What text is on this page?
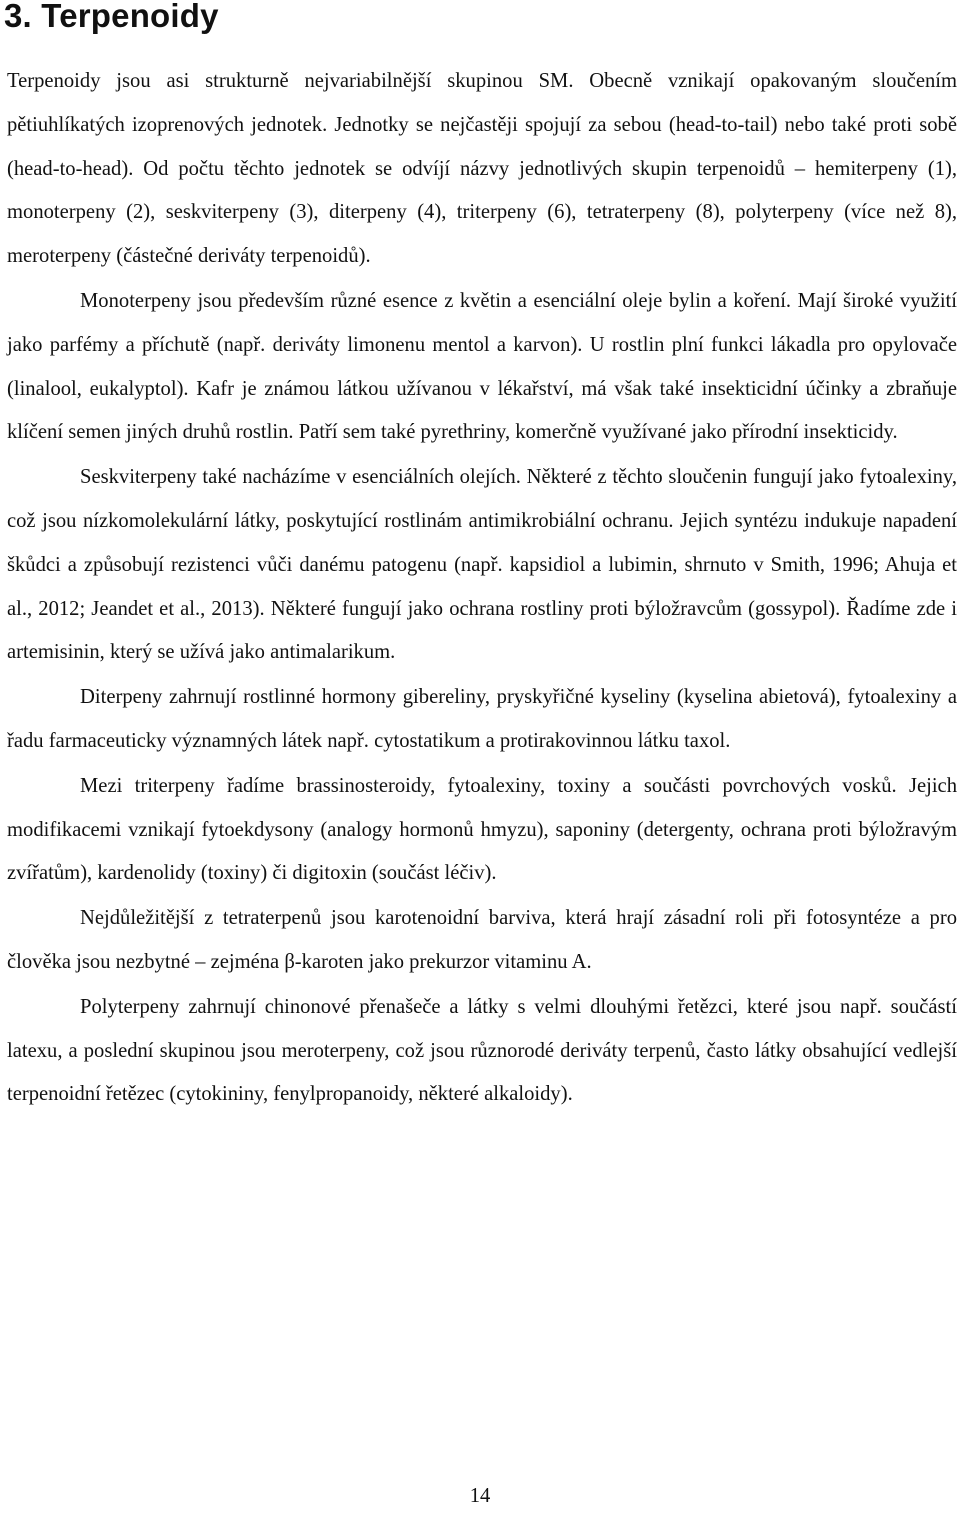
3. Terpenoidy

Terpenoidy jsou asi strukturně nejvariabilnější skupinou SM. Obecně vznikají opakovaným sloučením pětiuhlíkatých izoprenových jednotek. Jednotky se nejčastěji spojují za sebou (head-to-tail) nebo také proti sobě (head-to-head). Od počtu těchto jednotek se odvíjí názvy jednotlivých skupin terpenoidů – hemiterpeny (1), monoterpeny (2), seskviterpeny (3), diterpeny (4), triterpeny (6), tetraterpeny (8), polyterpeny (více než 8), meroterpeny (částečné deriváty terpenoidů).

Monoterpeny jsou především různé esence z květin a esenciální oleje bylin a koření. Mají široké využití jako parfémy a příchutě (např. deriváty limonenu mentol a karvon). U rostlin plní funkci lákadla pro opylovače (linalool, eukalyptol). Kafr je známou látkou užívanou v lékařství, má však také insekticidní účinky a zbraňuje klíčení semen jiných druhů rostlin. Patří sem také pyrethriny, komerčně využívané jako přírodní insekticidy.

Seskviterpeny také nacházíme v esenciálních olejích. Některé z těchto sloučenin fungují jako fytoalexiny, což jsou nízkomolekulární látky, poskytující rostlinám antimikrobiální ochranu. Jejich syntézu indukuje napadení škůdci a způsobují rezistenci vůči danému patogenu (např. kapsidiol a lubimin, shrnuto v Smith, 1996; Ahuja et al., 2012; Jeandet et al., 2013). Některé fungují jako ochrana rostliny proti býložravcům (gossypol). Řadíme zde i artemisinin, který se užívá jako antimalarikum.

Diterpeny zahrnují rostlinné hormony gibereliny, pryskyřičné kyseliny (kyselina abietová), fytoalexiny a řadu farmaceuticky významných látek např. cytostatikum a protirakovinnou látku taxol.

Mezi triterpeny řadíme brassinosteroidy, fytoalexiny, toxiny a součásti povrchových vosků. Jejich modifikacemi vznikají fytoekdysony (analogy hormonů hmyzu), saponiny (detergenty, ochrana proti býložravým zvířatům), kardenolidy (toxiny) či digitoxin (součást léčiv).

Nejdůležitější z tetraterpenů jsou karotenoidní barviva, která hrají zásadní roli při fotosyntéze a pro člověka jsou nezbytné – zejména β-karoten jako prekurzor vitaminu A.

Polyterpeny zahrnují chinonové přenašeče a látky s velmi dlouhými řetězci, které jsou např. součástí latexu, a poslední skupinou jsou meroterpeny, což jsou různorodé deriváty terpenů, často látky obsahující vedlejší terpenoidní řetězec (cytokininy, fenylpropanoidy, některé alkaloidy).

14
